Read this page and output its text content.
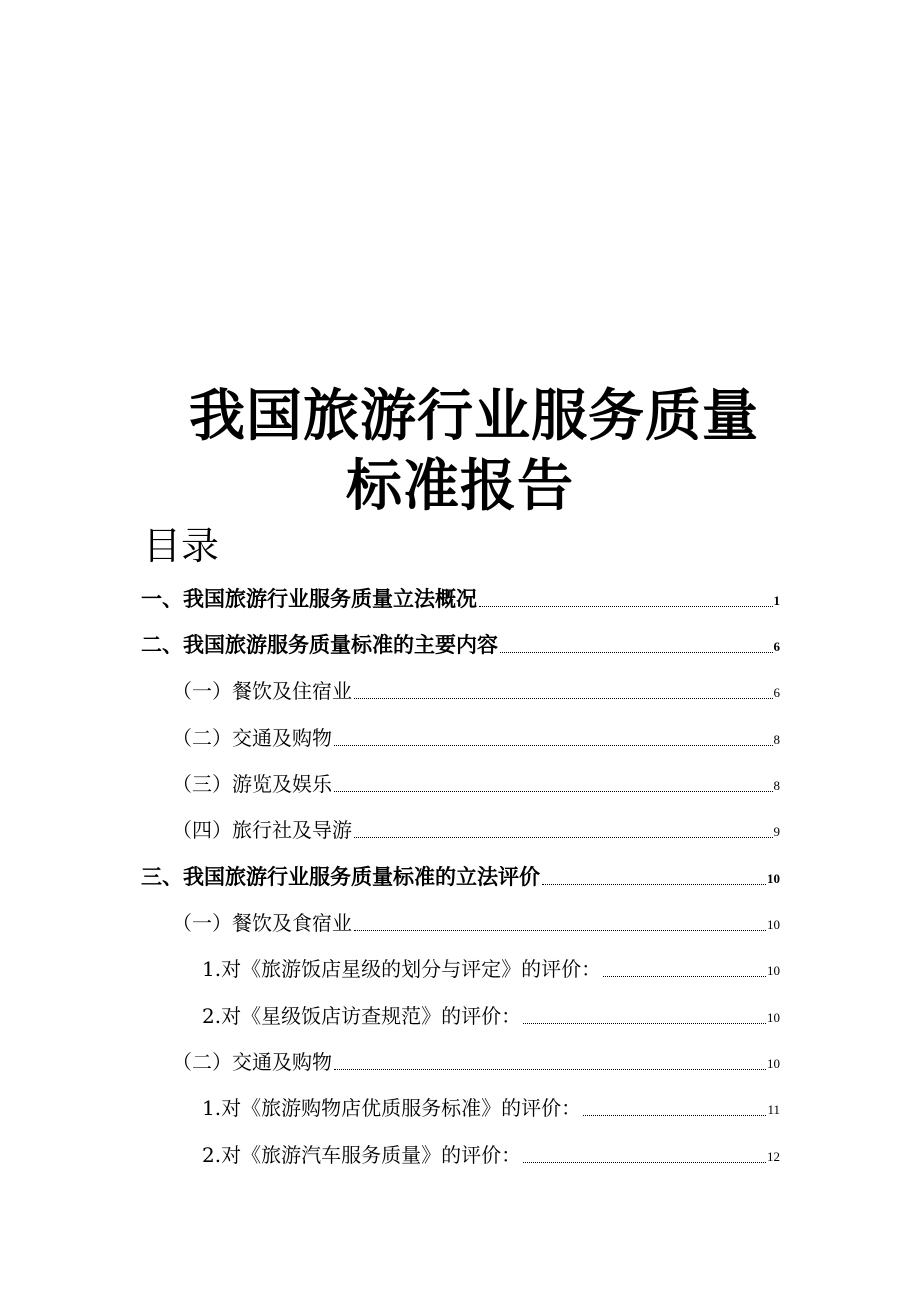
我国旅游行业服务质量
标准报告
目录
一、我国旅游行业服务质量立法概况	1
二、我国旅游服务质量标准的主要内容	6
（一）餐饮及住宿业	6
（二）交通及购物	8
（三）游览及娱乐	8
（四）旅行社及导游	9
三、我国旅游行业服务质量标准的立法评价	10
（一）餐饮及食宿业	10
1.对《旅游饭店星级的划分与评定》的评价：	10
2.对《星级饭店访查规范》的评价：	10
（二）交通及购物	10
1.对《旅游购物店优质服务标准》的评价：	11
2.对《旅游汽车服务质量》的评价：	12
